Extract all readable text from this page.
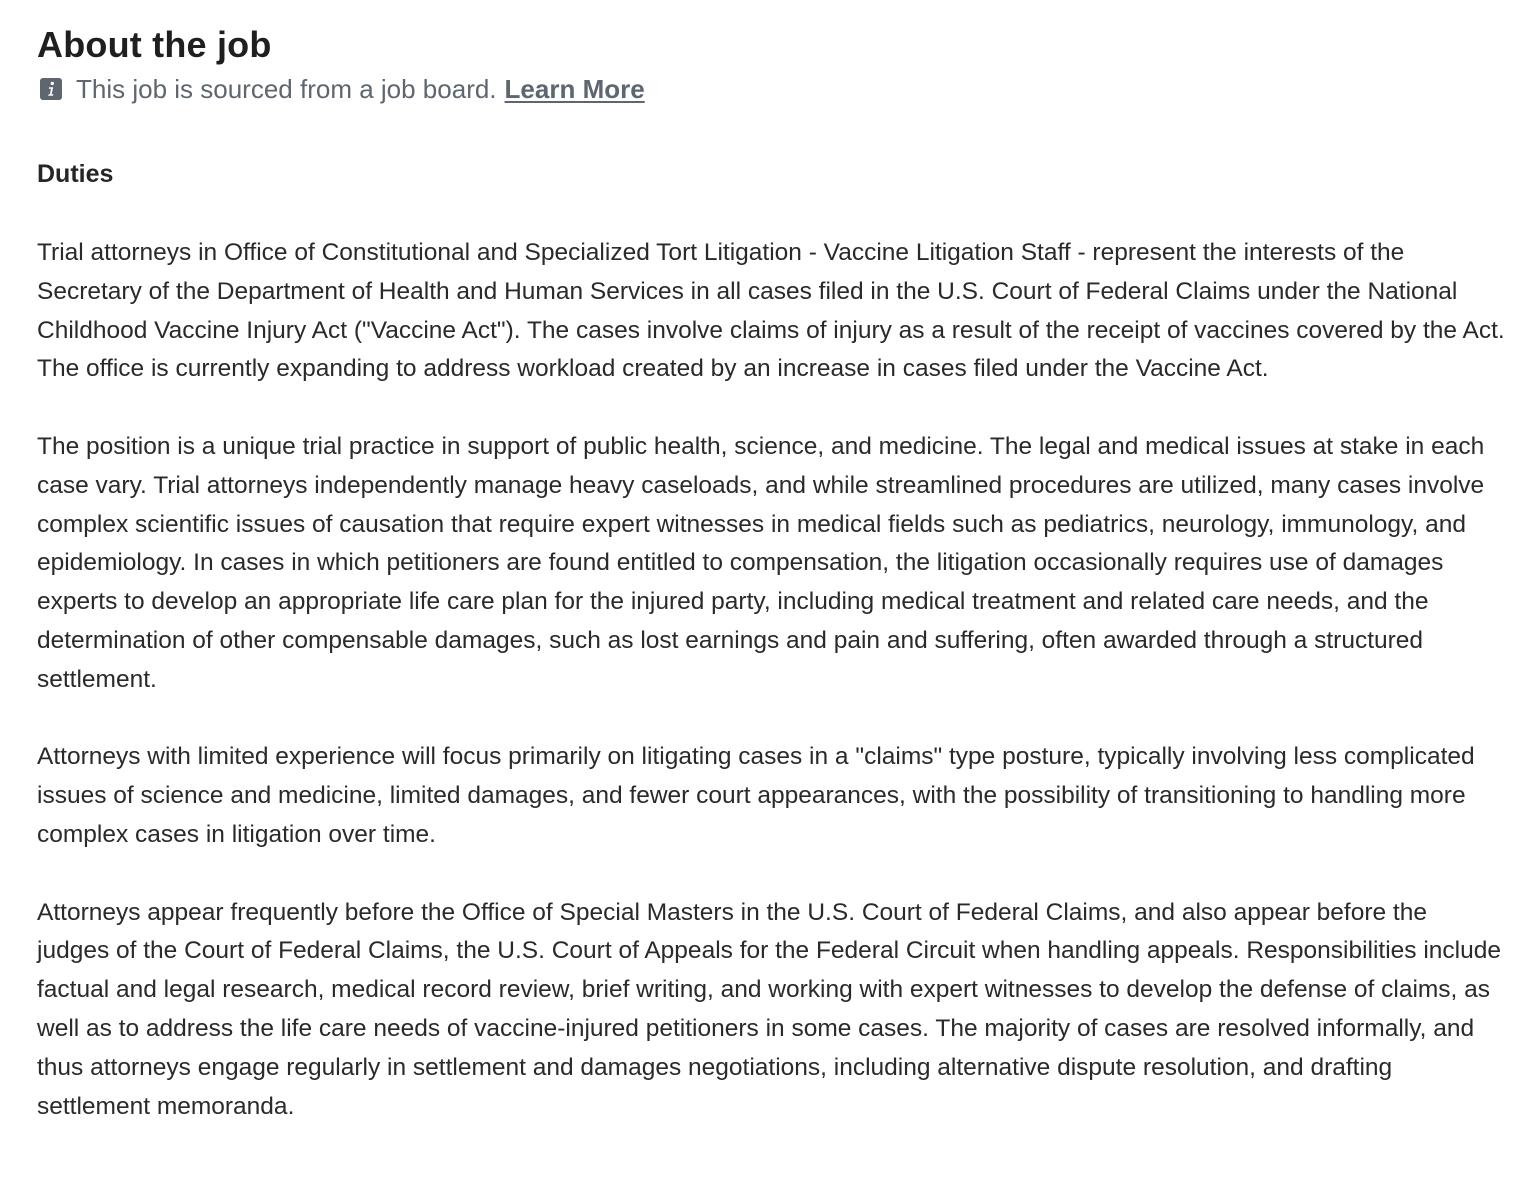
About the job
This job is sourced from a job board. Learn More
Duties

Trial attorneys in Office of Constitutional and Specialized Tort Litigation - Vaccine Litigation Staff - represent the interests of the Secretary of the Department of Health and Human Services in all cases filed in the U.S. Court of Federal Claims under the National Childhood Vaccine Injury Act ("Vaccine Act"). The cases involve claims of injury as a result of the receipt of vaccines covered by the Act. The office is currently expanding to address workload created by an increase in cases filed under the Vaccine Act.

The position is a unique trial practice in support of public health, science, and medicine. The legal and medical issues at stake in each case vary. Trial attorneys independently manage heavy caseloads, and while streamlined procedures are utilized, many cases involve complex scientific issues of causation that require expert witnesses in medical fields such as pediatrics, neurology, immunology, and epidemiology. In cases in which petitioners are found entitled to compensation, the litigation occasionally requires use of damages experts to develop an appropriate life care plan for the injured party, including medical treatment and related care needs, and the determination of other compensable damages, such as lost earnings and pain and suffering, often awarded through a structured settlement.

Attorneys with limited experience will focus primarily on litigating cases in a "claims" type posture, typically involving less complicated issues of science and medicine, limited damages, and fewer court appearances, with the possibility of transitioning to handling more complex cases in litigation over time.

Attorneys appear frequently before the Office of Special Masters in the U.S. Court of Federal Claims, and also appear before the judges of the Court of Federal Claims, the U.S. Court of Appeals for the Federal Circuit when handling appeals. Responsibilities include factual and legal research, medical record review, brief writing, and working with expert witnesses to develop the defense of claims, as well as to address the life care needs of vaccine-injured petitioners in some cases. The majority of cases are resolved informally, and thus attorneys engage regularly in settlement and damages negotiations, including alternative dispute resolution, and drafting settlement memoranda.
